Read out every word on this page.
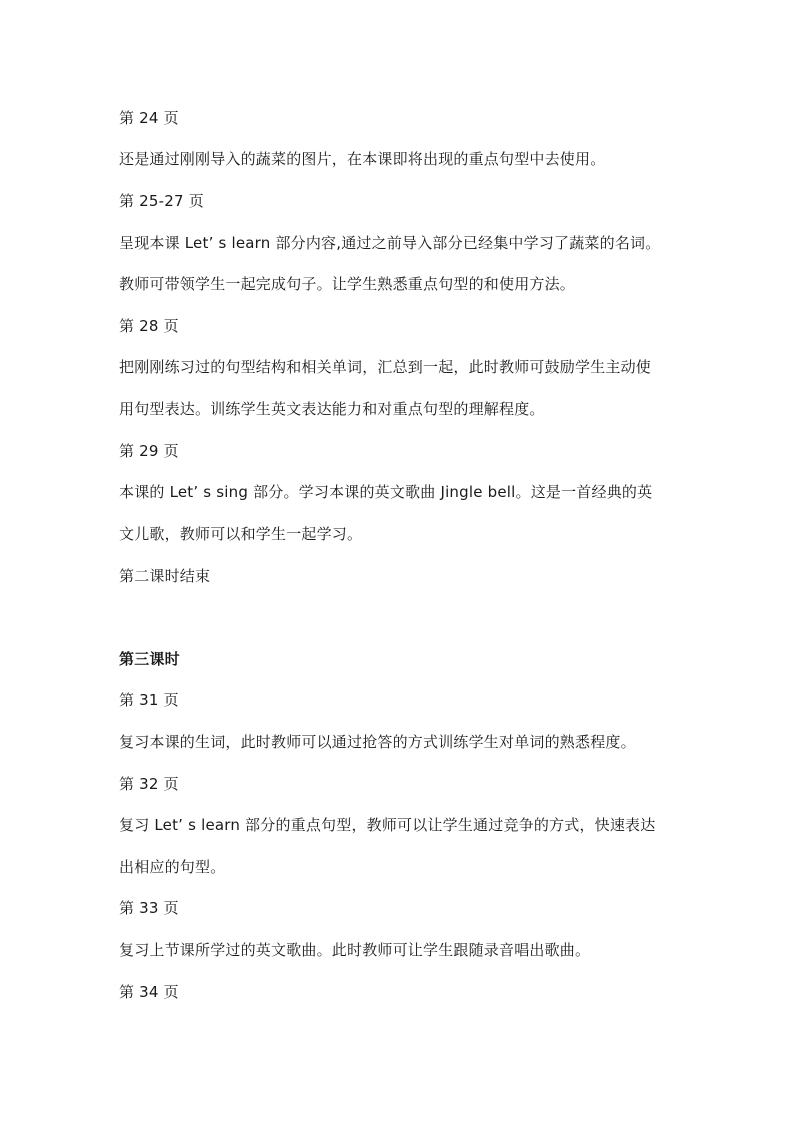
第 24 页
还是通过刚刚导入的蔬菜的图片，在本课即将出现的重点句型中去使用。
第 25-27 页
呈现本课 Let’ s learn 部分内容,通过之前导入部分已经集中学习了蔬菜的名词。
教师可带领学生一起完成句子。让学生熟悉重点句型的和使用方法。
第 28 页
把刚刚练习过的句型结构和相关单词，汇总到一起，此时教师可鼓励学生主动使
用句型表达。训练学生英文表达能力和对重点句型的理解程度。
第 29 页
本课的 Let’ s sing 部分。学习本课的英文歌曲 Jingle bell。这是一首经典的英
文儿歌，教师可以和学生一起学习。
第二课时结束
第三课时
第 31 页
复习本课的生词，此时教师可以通过抢答的方式训练学生对单词的熟悉程度。
第 32 页
复习 Let’ s learn 部分的重点句型，教师可以让学生通过竞争的方式，快速表达
出相应的句型。
第 33 页
复习上节课所学过的英文歌曲。此时教师可让学生跟随录音唱出歌曲。
第 34 页
